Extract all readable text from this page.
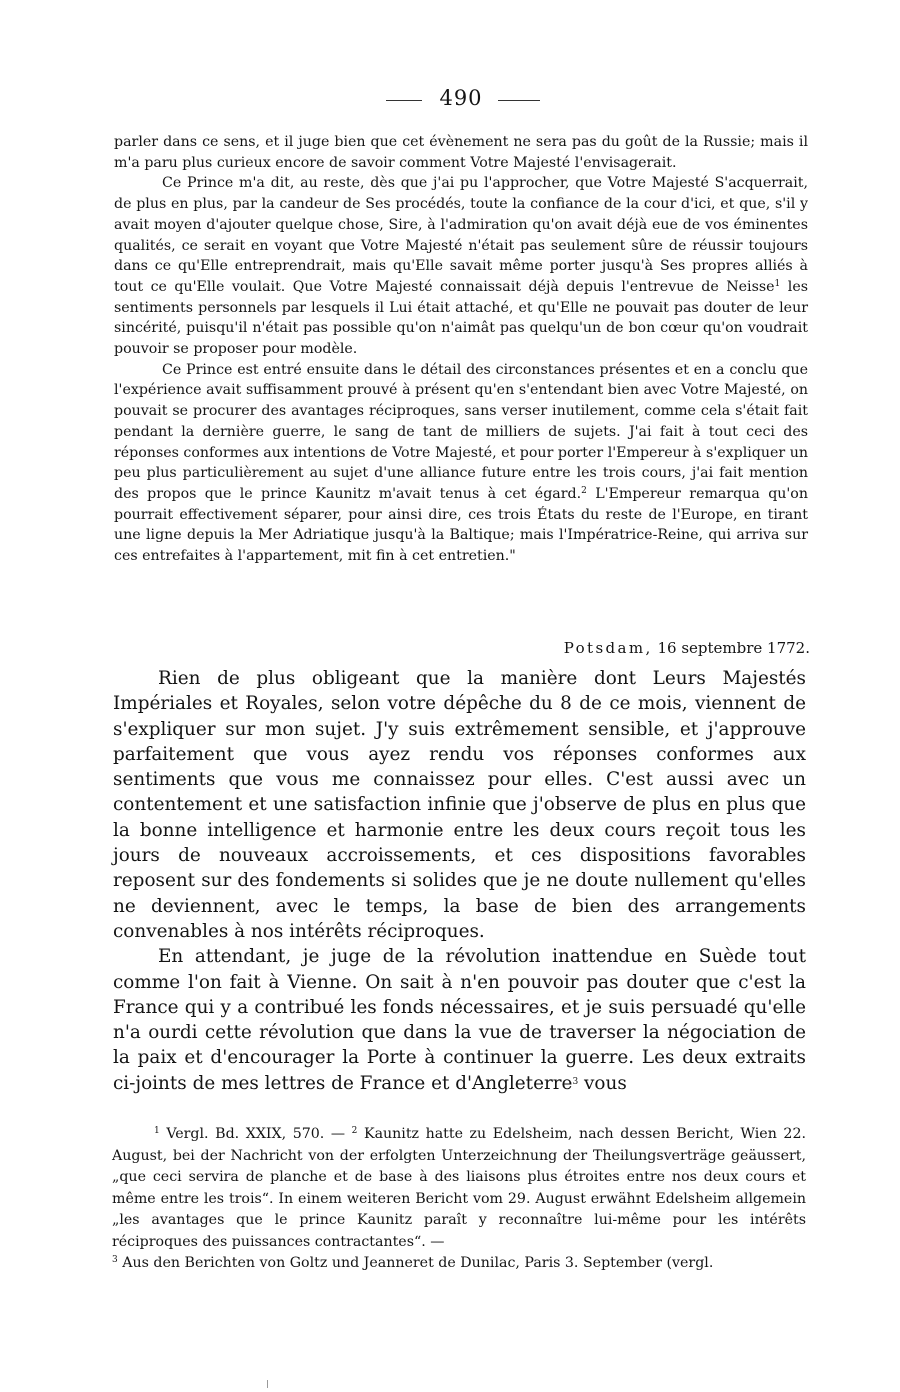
490

parler dans ce sens, et il juge bien que cet évènement ne sera pas du goût de la Russie; mais il m'a paru plus curieux encore de savoir comment Votre Majesté l'envisagerait.

Ce Prince m'a dit, au reste, dès que j'ai pu l'approcher, que Votre Majesté S'acquerrait, de plus en plus, par la candeur de Ses procédés, toute la confiance de la cour d'ici, et que, s'il y avait moyen d'ajouter quelque chose, Sire, à l'admiration qu'on avait déjà eue de vos éminentes qualités, ce serait en voyant que Votre Majesté n'était pas seulement sûre de réussir toujours dans ce qu'Elle entreprendrait, mais qu'Elle savait même porter jusqu'à Ses propres alliés à tout ce qu'Elle voulait. Que Votre Majesté connaissait déjà depuis l'entrevue de Neisse$^1$ les sentiments personnels par lesquels il Lui était attaché, et qu'Elle ne pouvait pas douter de leur sincérité, puisqu'il n'était pas possible qu'on n'aimât pas quelqu'un de bon cœur qu'on voudrait pouvoir se proposer pour modèle.

Ce Prince est entré ensuite dans le détail des circonstances présentes et en a conclu que l'expérience avait suffisamment prouvé à présent qu'en s'entendant bien avec Votre Majesté, on pouvait se procurer des avantages réciproques, sans verser inutilement, comme cela s'était fait pendant la dernière guerre, le sang de tant de milliers de sujets. J'ai fait à tout ceci des réponses conformes aux intentions de Votre Majesté, et pour porter l'Empereur à s'expliquer un peu plus particulièrement au sujet d'une alliance future entre les trois cours, j'ai fait mention des propos que le prince Kaunitz m'avait tenus à cet égard.$^2$ L'Empereur remarqua qu'on pourrait effectivement séparer, pour ainsi dire, ces trois États du reste de l'Europe, en tirant une ligne depuis la Mer Adriatique jusqu'à la Baltique; mais l'Impératrice-Reine, qui arriva sur ces entrefaites à l'appartement, mit fin à cet entretien."

Potsdam, 16 septembre 1772.

Rien de plus obligeant que la manière dont Leurs Majestés Impériales et Royales, selon votre dépêche du 8 de ce mois, viennent de s'expliquer sur mon sujet. J'y suis extrêmement sensible, et j'approuve parfaitement que vous ayez rendu vos réponses conformes aux sentiments que vous me connaissez pour elles. C'est aussi avec un contentement et une satisfaction infinie que j'observe de plus en plus que la bonne intelligence et harmonie entre les deux cours reçoit tous les jours de nouveaux accroissements, et ces dispositions favorables reposent sur des fondements si solides que je ne doute nullement qu'elles ne deviennent, avec le temps, la base de bien des arrangements convenables à nos intérêts réciproques.

En attendant, je juge de la révolution inattendue en Suède tout comme l'on fait à Vienne. On sait à n'en pouvoir pas douter que c'est la France qui y a contribué les fonds nécessaires, et je suis persuadé qu'elle n'a ourdi cette révolution que dans la vue de traverser la négociation de la paix et d'encourager la Porte à continuer la guerre. Les deux extraits ci-joints de mes lettres de France et d'Angleterre$^3$ vous

$^1$ Vergl. Bd. XXIX, 570. — $^2$ Kaunitz hatte zu Edelsheim, nach dessen Bericht, Wien 22. August, bei der Nachricht von der erfolgten Unterzeichnung der Theilungsverträge geäussert, „que ceci servira de planche et de base à des liaisons plus étroites entre nos deux cours et même entre les trois“. In einem weiteren Bericht vom 29. August erwähnt Edelsheim allgemein „les avantages que le prince Kaunitz paraît y reconnaître lui-même pour les intérêts réciproques des puissances contractantes“. —

$^3$ Aus den Berichten von Goltz und Jeanneret de Dunilac, Paris 3. September (vergl.
